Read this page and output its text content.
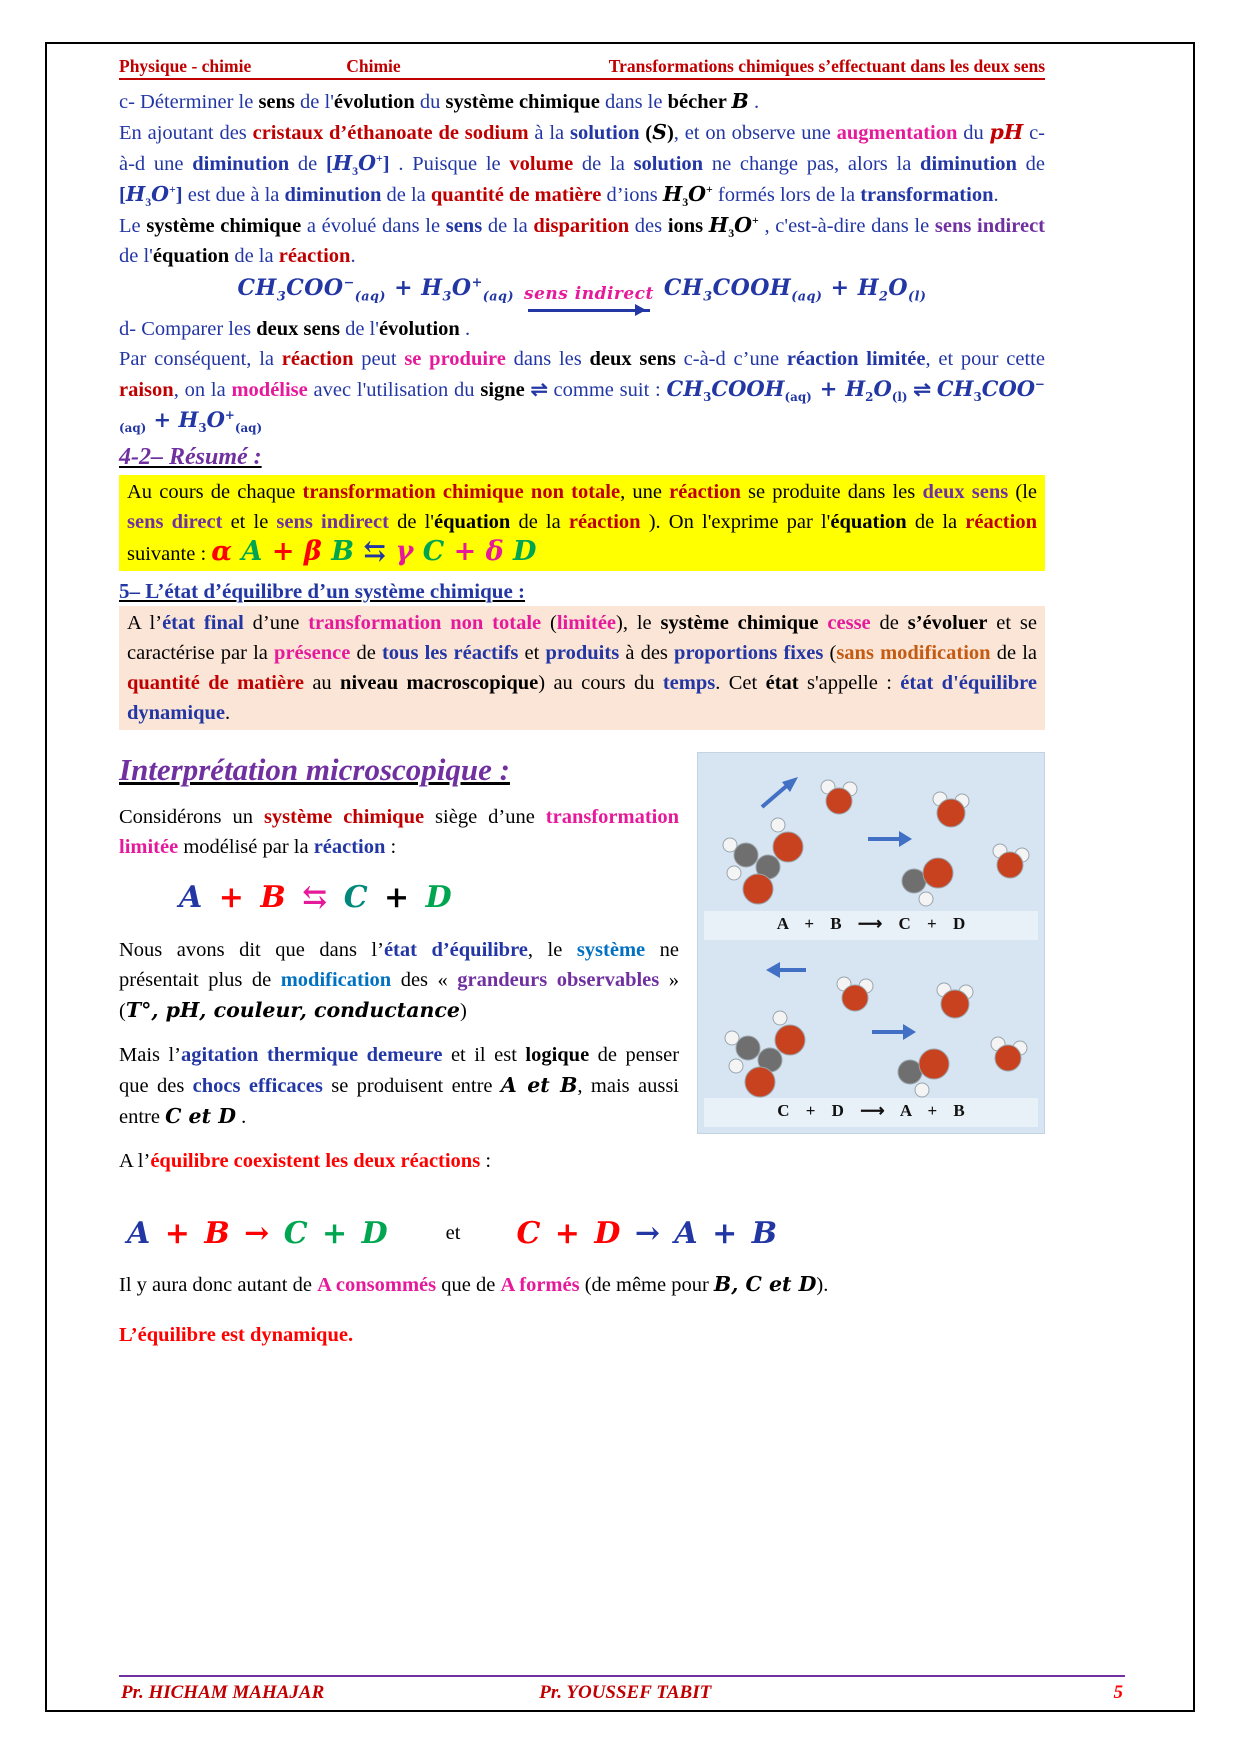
Physique - chimie	Chimie	Transformations chimiques s’effectuant dans les deux sens

c- Déterminer le sens de l'évolution du système chimique dans le bécher B .

En ajoutant des cristaux d’éthanoate de sodium à la solution (S), et on observe une augmentation du pH c-à-d une diminution de $[H_3O^+]$ . Puisque le volume de la solution ne change pas, alors la diminution de $[H_3O^+]$ est due à la diminution de la quantité de matière d’ions $H_3O^+$ formés lors de la transformation.

Le système chimique a évolué dans le sens de la disparition des ions $H_3O^+$ , c'est-à-dire dans le sens indirect de l'équation de la réaction.

$CH_3COO^-_{(aq)} + H_3O^+_{(aq)}$ sens indirect $CH_3COOH_{(aq)} + H_2O_{(l)}$

d- Comparer les deux sens de l'évolution .

Par conséquent, la réaction peut se produire dans les deux sens c-à-d c’une réaction limitée, et pour cette raison, on la modélise avec l'utilisation du signe ⇌ comme suit : $CH_3COOH_{(aq)} + H_2O_{(l)}$ ⇌ $CH_3COO^-_{(aq)} + H_3O^+_{(aq)}$

4-2– Résumé :
Au cours de chaque transformation chimique non totale, une réaction se produite dans les deux sens (le sens direct et le sens indirect de l'équation de la réaction ). On l'exprime par l'équation de la réaction suivante : α A + β B ⇆ γ C + δ D
5– L’état d’équilibre d’un système chimique :
A l’état final d’une transformation non totale (limitée), le système chimique cesse de s’évoluer et se caractérise par la présence de tous les réactifs et produits à des proportions fixes (sans modification de la quantité de matière au niveau macroscopique) au cours du temps. Cet état s'appelle : état d'équilibre dynamique.
Interprétation microscopique :

Considérons un système chimique siège d’une transformation limitée modélisé par la réaction :

A + B ⇆ C + D

Nous avons dit que dans l’état d’équilibre, le système ne présentait plus de modification des « grandeurs observables » (T°, pH, couleur, conductance)

Mais l’agitation thermique demeure et il est logique de penser que des chocs efficaces se produisent entre A et B, mais aussi entre C et D .

A l’équilibre coexistent les deux réactions :

A + B ⟶ C + D
C + D ⟶ A + B
A + B → C + D	et C + D → A + B

Il y aura donc autant de A consommés que de A formés (de même pour B, C et D).

L’équilibre est dynamique.

Pr. HICHAM MAHAJAR	Pr. YOUSSEF TABIT	5
